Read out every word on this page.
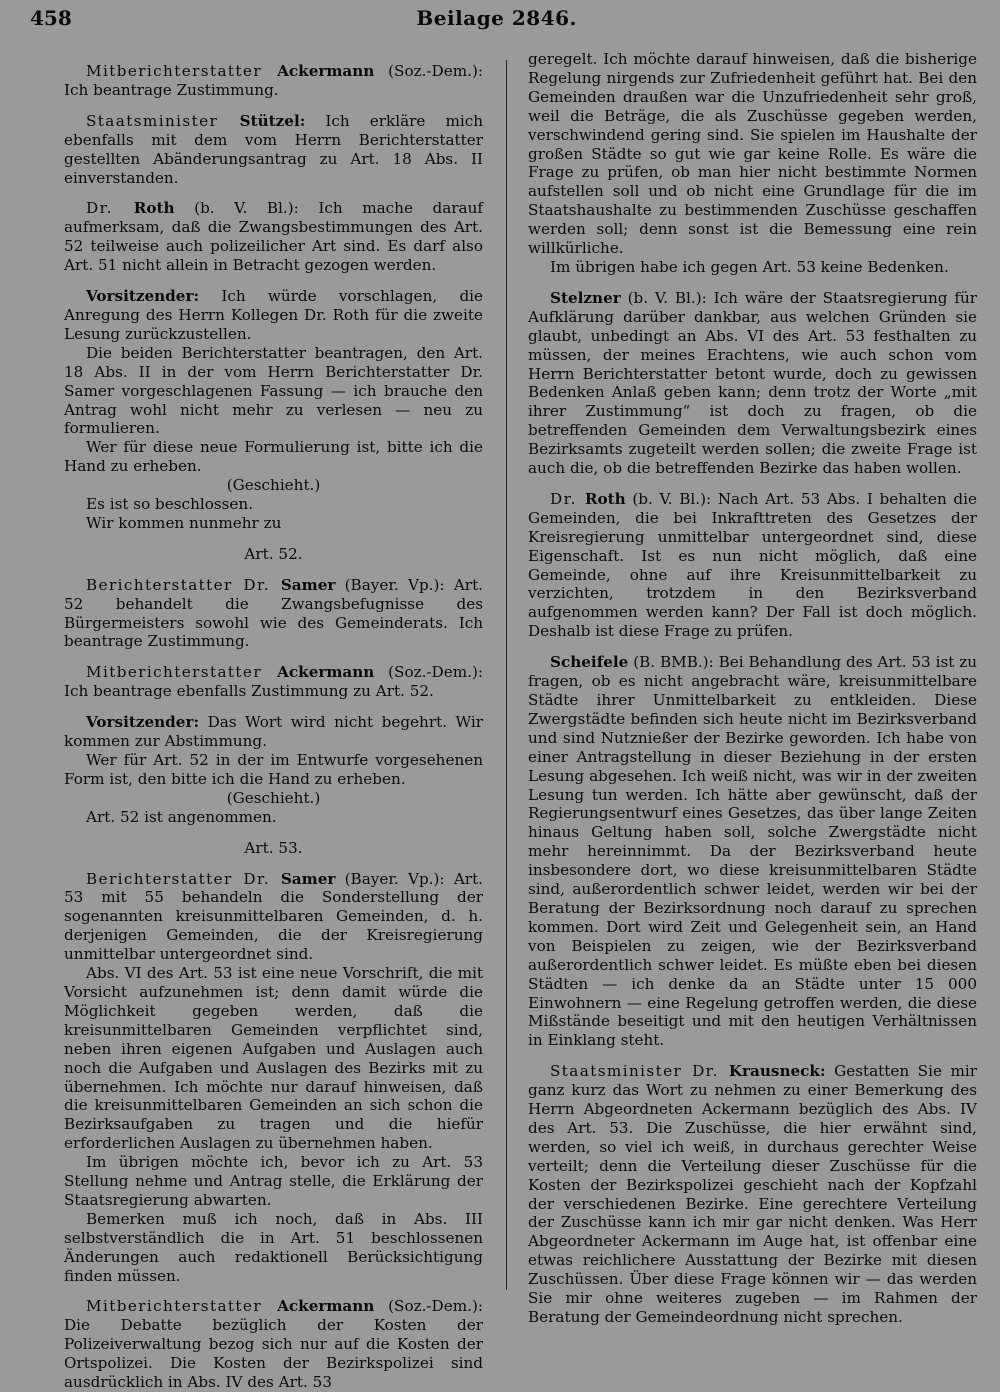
458	Beilage 2846.

Mitberichterstatter Ackermann (Soz.-Dem.): Ich beantrage Zustimmung.

Staatsminister Stützel: Ich erkläre mich ebenfalls mit dem vom Herrn Berichterstatter gestellten Abänderungsantrag zu Art. 18 Abs. II einverstanden.

Dr. Roth (b. V. Bl.): Ich mache darauf aufmerksam, daß die Zwangsbestimmungen des Art. 52 teilweise auch polizeilicher Art sind. Es darf also Art. 51 nicht allein in Betracht gezogen werden.

Vorsitzender: Ich würde vorschlagen, die Anregung des Herrn Kollegen Dr. Roth für die zweite Lesung zurückzustellen.

Die beiden Berichterstatter beantragen, den Art. 18 Abs. II in der vom Herrn Berichterstatter Dr. Samer vorgeschlagenen Fassung — ich brauche den Antrag wohl nicht mehr zu verlesen — neu zu formulieren.

Wer für diese neue Formulierung ist, bitte ich die Hand zu erheben.

(Geschieht.)

Es ist so beschlossen.

Wir kommen nunmehr zu

Art. 52.

Berichterstatter Dr. Samer (Bayer. Vp.): Art. 52 behandelt die Zwangsbefugnisse des Bürgermeisters sowohl wie des Gemeinderats. Ich beantrage Zustimmung.

Mitberichterstatter Ackermann (Soz.-Dem.): Ich beantrage ebenfalls Zustimmung zu Art. 52.

Vorsitzender: Das Wort wird nicht begehrt. Wir kommen zur Abstimmung.

Wer für Art. 52 in der im Entwurfe vorgesehenen Form ist, den bitte ich die Hand zu erheben.

(Geschieht.)

Art. 52 ist angenommen.

Art. 53.

Berichterstatter Dr. Samer (Bayer. Vp.): Art. 53 mit 55 behandeln die Sonderstellung der sogenannten kreisunmittelbaren Gemeinden, d. h. derjenigen Gemeinden, die der Kreisregierung unmittelbar untergeordnet sind.

Abs. VI des Art. 53 ist eine neue Vorschrift, die mit Vorsicht aufzunehmen ist; denn damit würde die Möglichkeit gegeben werden, daß die kreisunmittelbaren Gemeinden verpflichtet sind, neben ihren eigenen Aufgaben und Auslagen auch noch die Aufgaben und Auslagen des Bezirks mit zu übernehmen. Ich möchte nur darauf hinweisen, daß die kreisunmittelbaren Gemeinden an sich schon die Bezirksaufgaben zu tragen und die hiefür erforderlichen Auslagen zu übernehmen haben.

Im übrigen möchte ich, bevor ich zu Art. 53 Stellung nehme und Antrag stelle, die Erklärung der Staatsregierung abwarten.

Bemerken muß ich noch, daß in Abs. III selbstverständlich die in Art. 51 beschlossenen Änderungen auch redaktionell Berücksichtigung finden müssen.

Mitberichterstatter Ackermann (Soz.-Dem.): Die Debatte bezüglich der Kosten der Polizeiverwaltung bezog sich nur auf die Kosten der Ortspolizei. Die Kosten der Bezirkspolizei sind ausdrücklich in Abs. IV des Art. 53

geregelt. Ich möchte darauf hinweisen, daß die bisherige Regelung nirgends zur Zufriedenheit geführt hat. Bei den Gemeinden draußen war die Unzufriedenheit sehr groß, weil die Beträge, die als Zuschüsse gegeben werden, verschwindend gering sind. Sie spielen im Haushalte der großen Städte so gut wie gar keine Rolle. Es wäre die Frage zu prüfen, ob man hier nicht bestimmte Normen aufstellen soll und ob nicht eine Grundlage für die im Staatshaushalte zu bestimmenden Zuschüsse geschaffen werden soll; denn sonst ist die Bemessung eine rein willkürliche.

Im übrigen habe ich gegen Art. 53 keine Bedenken.

Stelzner (b. V. Bl.): Ich wäre der Staatsregierung für Aufklärung darüber dankbar, aus welchen Gründen sie glaubt, unbedingt an Abs. VI des Art. 53 festhalten zu müssen, der meines Erachtens, wie auch schon vom Herrn Berichterstatter betont wurde, doch zu gewissen Bedenken Anlaß geben kann; denn trotz der Worte „mit ihrer Zustimmung“ ist doch zu fragen, ob die betreffenden Gemeinden dem Verwaltungsbezirk eines Bezirksamts zugeteilt werden sollen; die zweite Frage ist auch die, ob die betreffenden Bezirke das haben wollen.

Dr. Roth (b. V. Bl.): Nach Art. 53 Abs. I behalten die Gemeinden, die bei Inkrafttreten des Gesetzes der Kreisregierung unmittelbar untergeordnet sind, diese Eigenschaft. Ist es nun nicht möglich, daß eine Gemeinde, ohne auf ihre Kreisunmittelbarkeit zu verzichten, trotzdem in den Bezirksverband aufgenommen werden kann? Der Fall ist doch möglich. Deshalb ist diese Frage zu prüfen.

Scheifele (B. BMB.): Bei Behandlung des Art. 53 ist zu fragen, ob es nicht angebracht wäre, kreisunmittelbare Städte ihrer Unmittelbarkeit zu entkleiden. Diese Zwergstädte befinden sich heute nicht im Bezirksverband und sind Nutznießer der Bezirke geworden. Ich habe von einer Antragstellung in dieser Beziehung in der ersten Lesung abgesehen. Ich weiß nicht, was wir in der zweiten Lesung tun werden. Ich hätte aber gewünscht, daß der Regierungsentwurf eines Gesetzes, das über lange Zeiten hinaus Geltung haben soll, solche Zwergstädte nicht mehr hereinnimmt. Da der Bezirksverband heute insbesondere dort, wo diese kreisunmittelbaren Städte sind, außerordentlich schwer leidet, werden wir bei der Beratung der Bezirksordnung noch darauf zu sprechen kommen. Dort wird Zeit und Gelegenheit sein, an Hand von Beispielen zu zeigen, wie der Bezirksverband außerordentlich schwer leidet. Es müßte eben bei diesen Städten — ich denke da an Städte unter 15 000 Einwohnern — eine Regelung getroffen werden, die diese Mißstände beseitigt und mit den heutigen Verhältnissen in Einklang steht.

Staatsminister Dr. Krausneck: Gestatten Sie mir ganz kurz das Wort zu nehmen zu einer Bemerkung des Herrn Abgeordneten Ackermann bezüglich des Abs. IV des Art. 53. Die Zuschüsse, die hier erwähnt sind, werden, so viel ich weiß, in durchaus gerechter Weise verteilt; denn die Verteilung dieser Zuschüsse für die Kosten der Bezirkspolizei geschieht nach der Kopfzahl der verschiedenen Bezirke. Eine gerechtere Verteilung der Zuschüsse kann ich mir gar nicht denken. Was Herr Abgeordneter Ackermann im Auge hat, ist offenbar eine etwas reichlichere Ausstattung der Bezirke mit diesen Zuschüssen. Über diese Frage können wir — das werden Sie mir ohne weiteres zugeben — im Rahmen der Beratung der Gemeindeordnung nicht sprechen.
